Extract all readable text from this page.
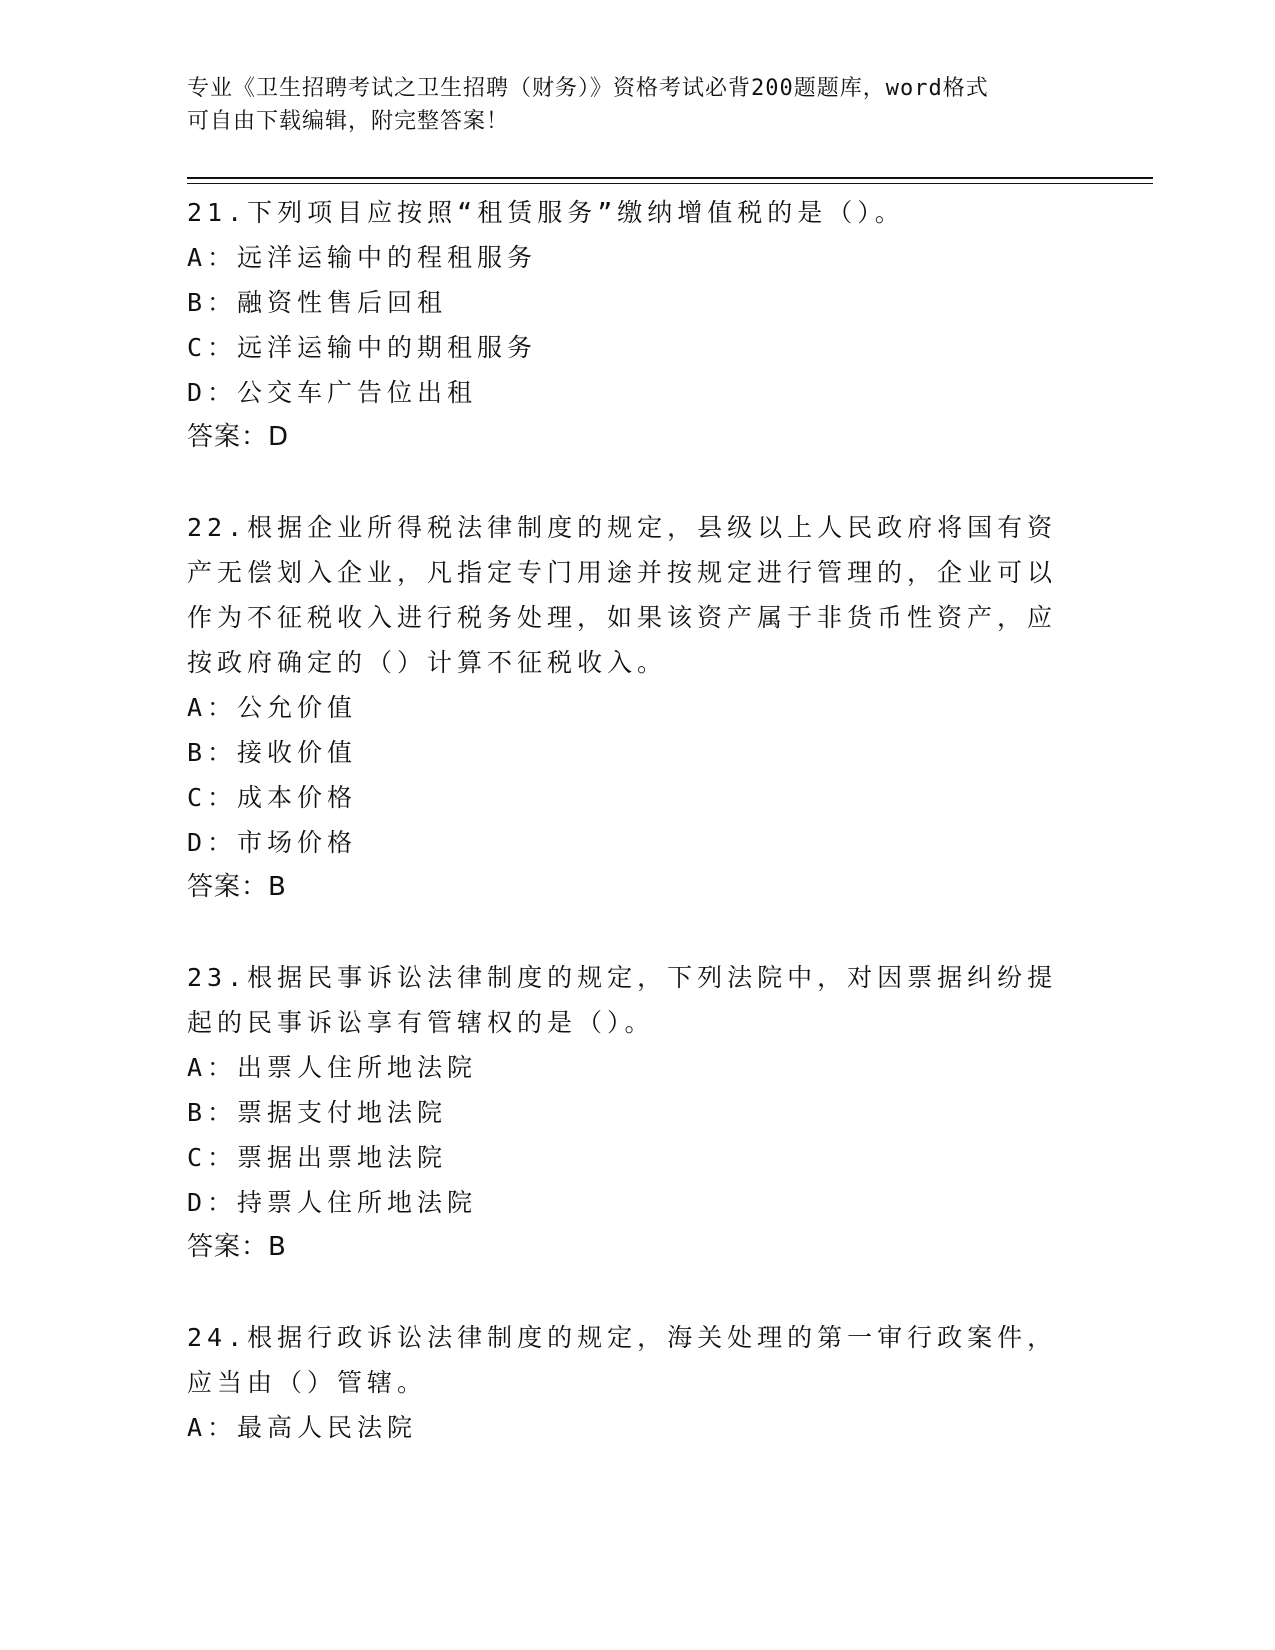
专业《卫生招聘考试之卫生招聘（财务）》资格考试必背200题题库，word格式
可自由下载编辑，附完整答案！
21.下列项目应按照“租赁服务”缴纳增值税的是（）。
A：远洋运输中的程租服务
B：融资性售后回租
C：远洋运输中的期租服务
D：公交车广告位出租
答案：D
22.根据企业所得税法律制度的规定，县级以上人民政府将国有资产无偿划入企业，凡指定专门用途并按规定进行管理的，企业可以作为不征税收入进行税务处理，如果该资产属于非货币性资产，应按政府确定的（）计算不征税收入。
A：公允价值
B：接收价值
C：成本价格
D：市场价格
答案：B
23.根据民事诉讼法律制度的规定，下列法院中，对因票据纠纷提起的民事诉讼享有管辖权的是（）。
A：出票人住所地法院
B：票据支付地法院
C：票据出票地法院
D：持票人住所地法院
答案：B
24.根据行政诉讼法律制度的规定，海关处理的第一审行政案件，应当由（）管辖。
A：最高人民法院
